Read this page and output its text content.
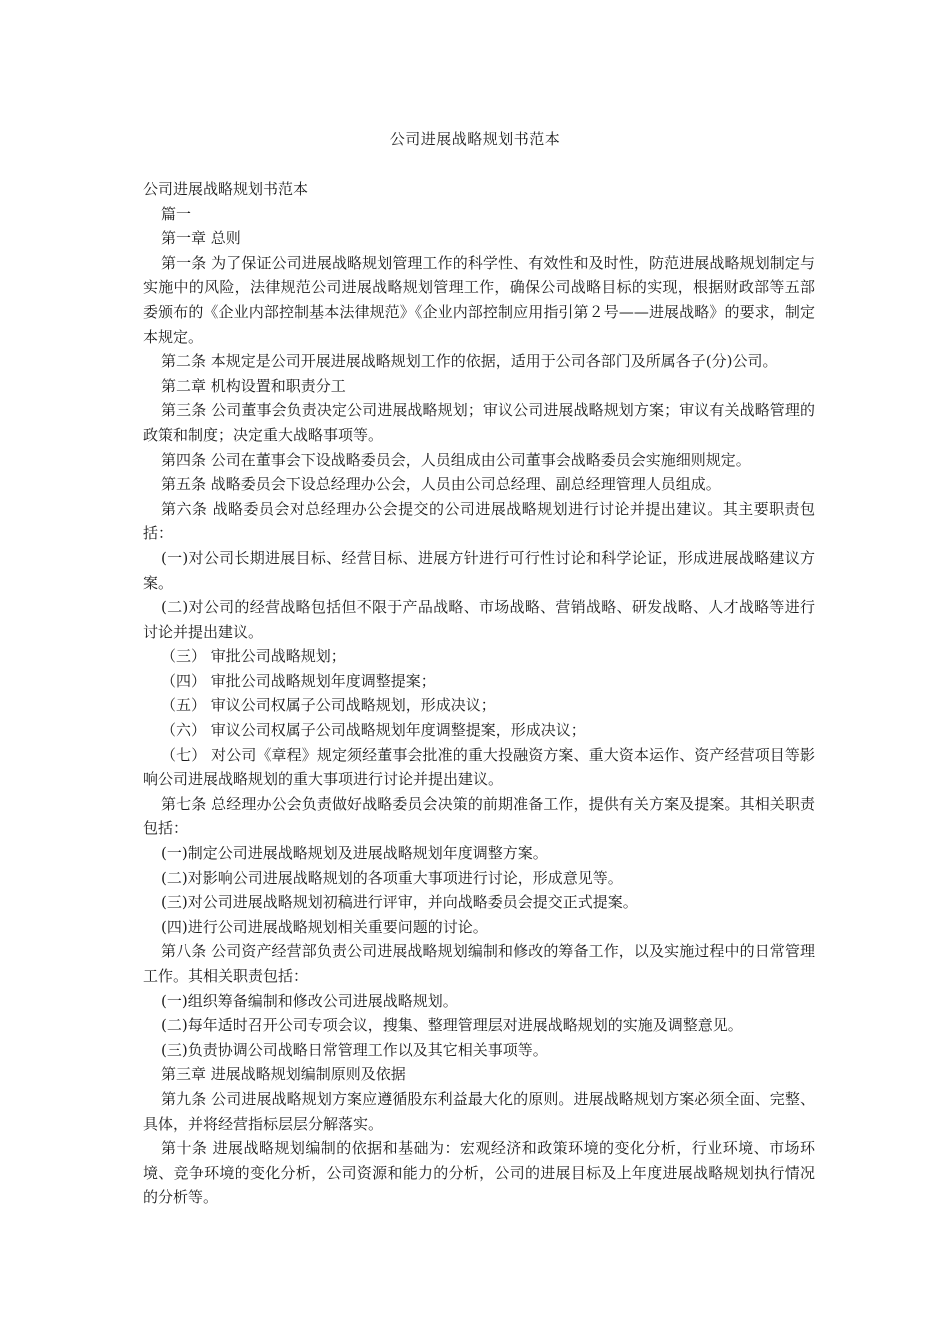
公司进展战略规划书范本

公司进展战略规划书范本

篇一

第一章 总则

第一条 为了保证公司进展战略规划管理工作的科学性、有效性和及时性，防范进展战略规划制定与实施中的风险，法律规范公司进展战略规划管理工作，确保公司战略目标的实现，根据财政部等五部委颁布的《企业内部控制基本法律规范》《企业内部控制应用指引第２号——进展战略》的要求，制定本规定。

第二条 本规定是公司开展进展战略规划工作的依据，适用于公司各部门及所属各子(分)公司。

第二章 机构设置和职责分工

第三条 公司董事会负责决定公司进展战略规划；审议公司进展战略规划方案；审议有关战略管理的政策和制度；决定重大战略事项等。

第四条 公司在董事会下设战略委员会，人员组成由公司董事会战略委员会实施细则规定。

第五条 战略委员会下设总经理办公会，人员由公司总经理、副总经理管理人员组成。

第六条 战略委员会对总经理办公会提交的公司进展战略规划进行讨论并提出建议。其主要职责包括：

(一)对公司长期进展目标、经营目标、进展方针进行可行性讨论和科学论证，形成进展战略建议方案。

(二)对公司的经营战略包括但不限于产品战略、市场战略、营销战略、研发战略、人才战略等进行讨论并提出建议。

（三） 审批公司战略规划；

（四） 审批公司战略规划年度调整提案；

（五） 审议公司权属子公司战略规划，形成决议；

（六） 审议公司权属子公司战略规划年度调整提案，形成决议；

（七） 对公司《章程》规定须经董事会批准的重大投融资方案、重大资本运作、资产经营项目等影响公司进展战略规划的重大事项进行讨论并提出建议。

第七条 总经理办公会负责做好战略委员会决策的前期准备工作，提供有关方案及提案。其相关职责包括：

(一)制定公司进展战略规划及进展战略规划年度调整方案。

(二)对影响公司进展战略规划的各项重大事项进行讨论，形成意见等。

(三)对公司进展战略规划初稿进行评审，并向战略委员会提交正式提案。

(四)进行公司进展战略规划相关重要问题的讨论。

第八条 公司资产经营部负责公司进展战略规划编制和修改的筹备工作，以及实施过程中的日常管理工作。其相关职责包括：

(一)组织筹备编制和修改公司进展战略规划。

(二)每年适时召开公司专项会议，搜集、整理管理层对进展战略规划的实施及调整意见。

(三)负责协调公司战略日常管理工作以及其它相关事项等。

第三章 进展战略规划编制原则及依据

第九条 公司进展战略规划方案应遵循股东利益最大化的原则。进展战略规划方案必须全面、完整、具体，并将经营指标层层分解落实。

第十条 进展战略规划编制的依据和基础为：宏观经济和政策环境的变化分析，行业环境、市场环境、竞争环境的变化分析，公司资源和能力的分析，公司的进展目标及上年度进展战略规划执行情况的分析等。
